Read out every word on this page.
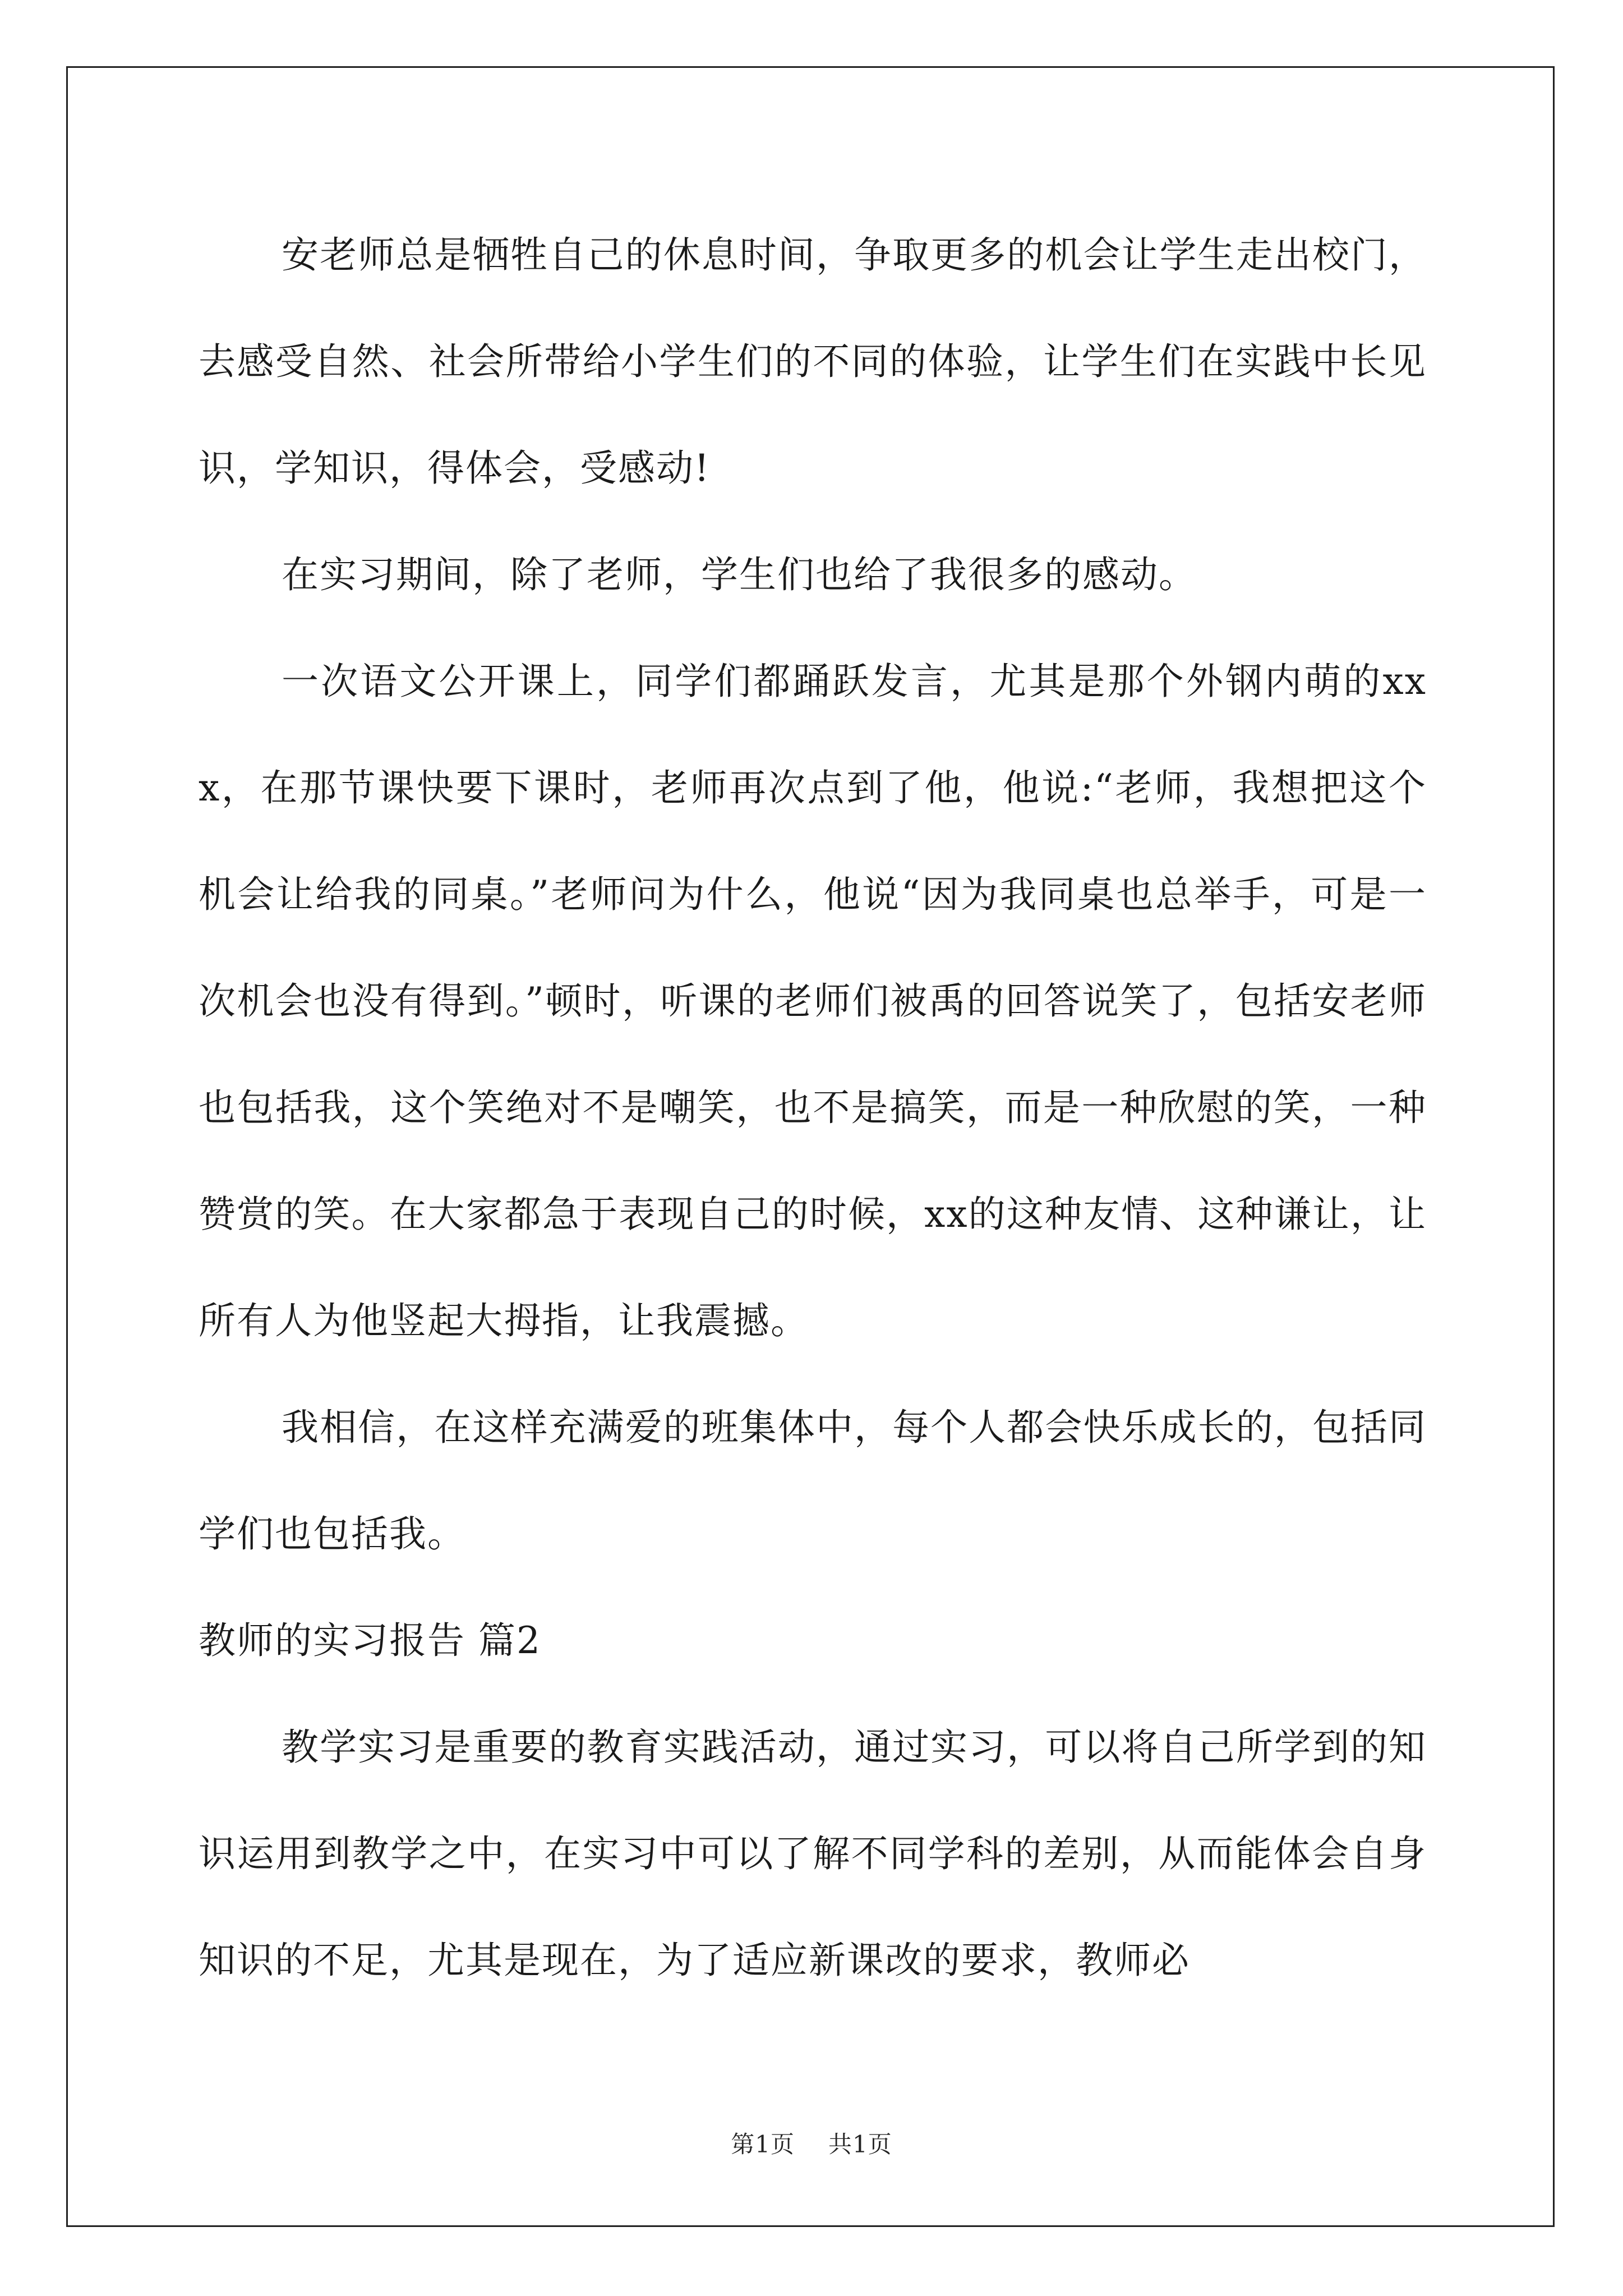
安老师总是牺牲自己的休息时间，争取更多的机会让学生走出校门，去感受自然、社会所带给小学生们的不同的体验，让学生们在实践中长见识，学知识，得体会，受感动!

在实习期间，除了老师，学生们也给了我很多的感动。

一次语文公开课上，同学们都踊跃发言，尤其是那个外钢内萌的xxx，在那节课快要下课时，老师再次点到了他，他说:“老师，我想把这个机会让给我的同桌。”老师问为什么，他说“因为我同桌也总举手，可是一次机会也没有得到。”顿时，听课的老师们被禹的回答说笑了，包括安老师也包括我，这个笑绝对不是嘲笑，也不是搞笑，而是一种欣慰的笑，一种赞赏的笑。在大家都急于表现自己的时候，xx的这种友情、这种谦让，让所有人为他竖起大拇指，让我震撼。

我相信，在这样充满爱的班集体中，每个人都会快乐成长的，包括同学们也包括我。

教师的实习报告 篇2

教学实习是重要的教育实践活动，通过实习，可以将自己所学到的知识运用到教学之中，在实习中可以了解不同学科的差别，从而能体会自身知识的不足，尤其是现在，为了适应新课改的要求，教师必

第1页 共1页
